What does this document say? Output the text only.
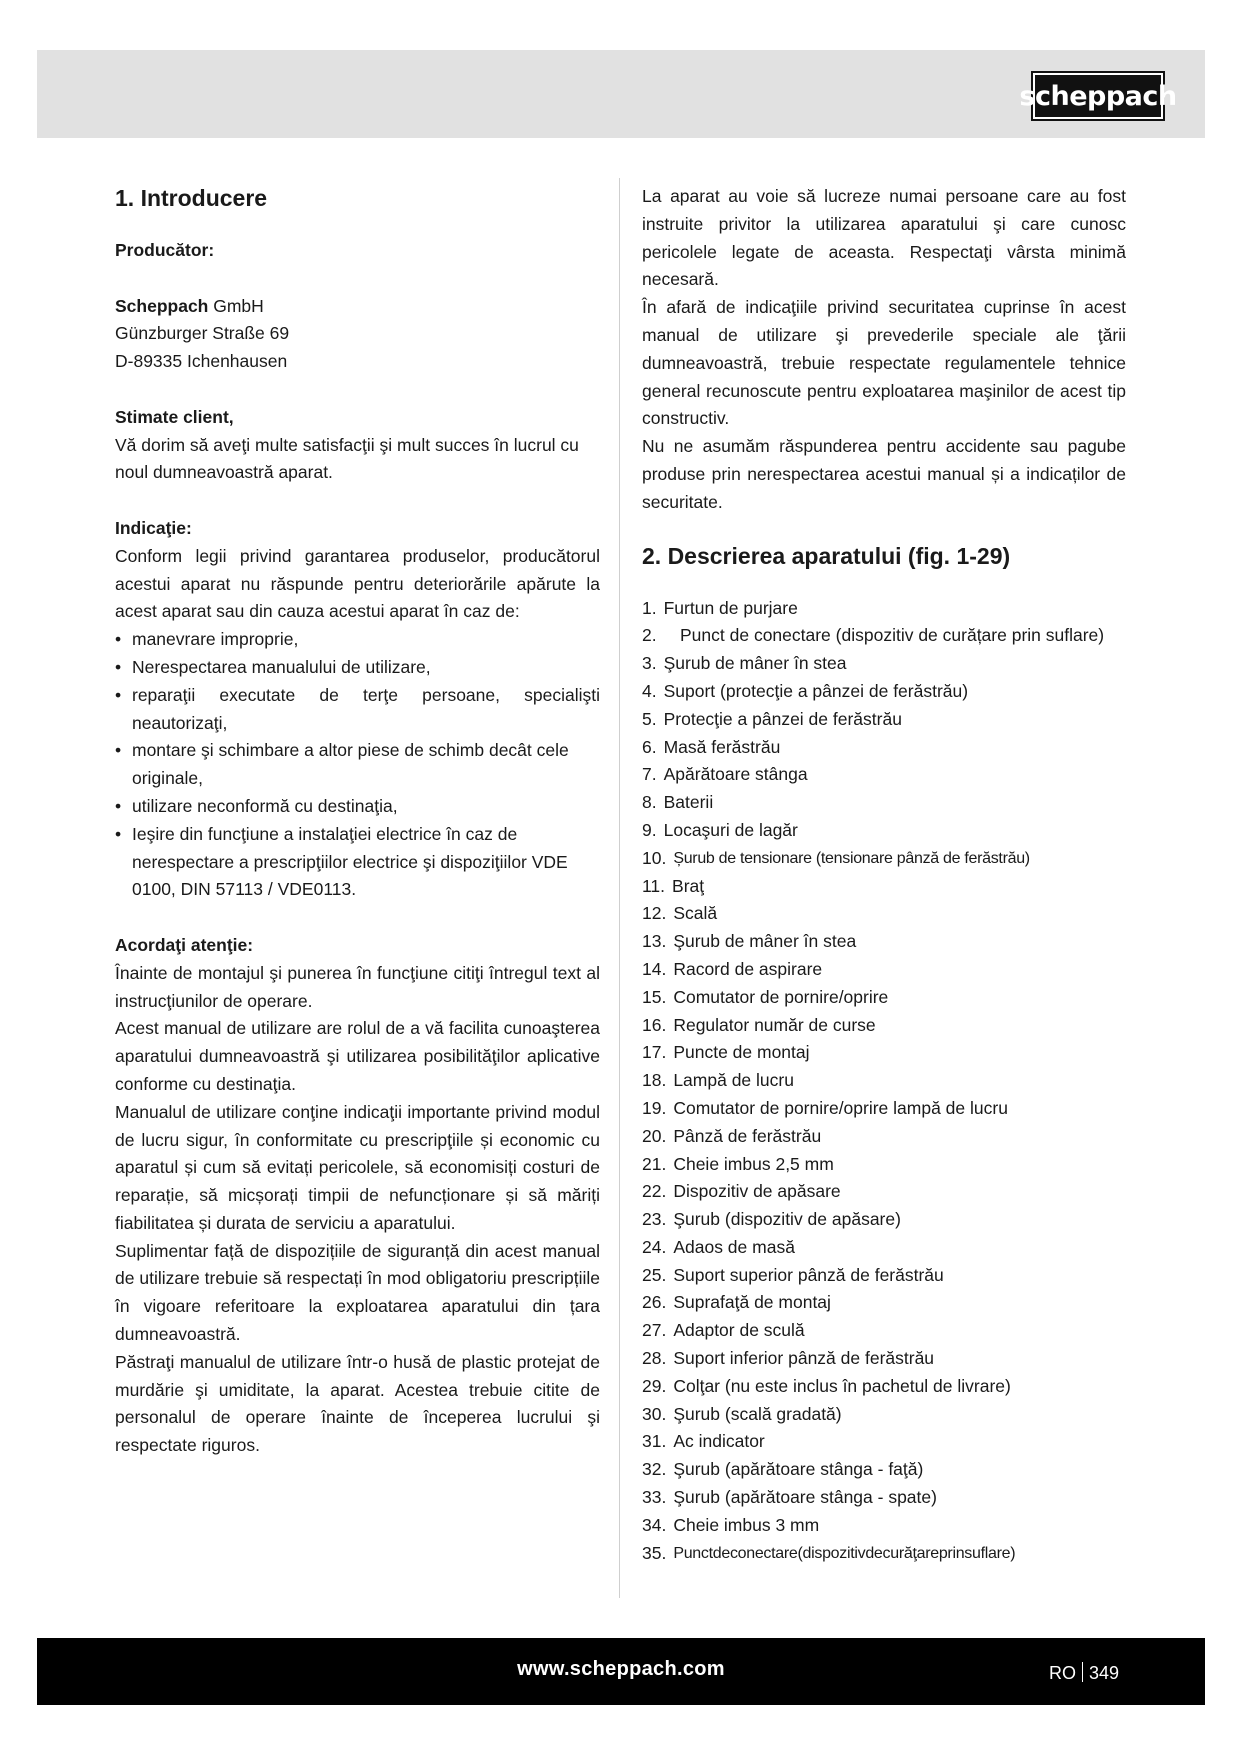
scheppach
1. Introducere

Producător:

Scheppach GmbH

Günzburger Straße 69

D-89335 Ichenhausen

Stimate client,

Vă dorim să aveţi multe satisfacţii şi mult succes în lucrul cu noul dumneavoastră aparat.

Indicaţie:

Conform legii privind garantarea produselor, producătorul acestui aparat nu răspunde pentru deteriorările apărute la acest aparat sau din cauza acestui aparat în caz de:

• manevrare improprie,
• Nerespectarea manualului de utilizare,
• reparaţii executate de terţe persoane, specialişti neautorizaţi,
• montare şi schimbare a altor piese de schimb decât cele originale,
• utilizare neconformă cu destinaţia,
• Ieşire din funcţiune a instalaţiei electrice în caz de nerespectare a prescripţiilor electrice şi dispoziţiilor VDE 0100, DIN 57113 / VDE0113.

Acordaţi atenţie:

Înainte de montajul şi punerea în funcţiune citiţi întregul text al instrucţiunilor de operare.

Acest manual de utilizare are rolul de a vă facilita cunoaşterea aparatului dumneavoastră şi utilizarea posibilităţilor aplicative conforme cu destinaţia.

Manualul de utilizare conţine indicaţii importante privind modul de lucru sigur, în conformitate cu prescripţiile și economic cu aparatul și cum să evitați pericolele, să economisiți costuri de reparație, să micșorați timpii de nefuncționare și să măriți fiabilitatea și durata de serviciu a aparatului.

Suplimentar față de dispozițiile de siguranță din acest manual de utilizare trebuie să respectați în mod obligatoriu prescripțiile în vigoare referitoare la exploatarea aparatului din țara dumneavoastră.

Păstraţi manualul de utilizare într-o husă de plastic protejat de murdărie şi umiditate, la aparat. Acestea trebuie citite de personalul de operare înainte de începerea lucrului şi respectate riguros.

La aparat au voie să lucreze numai persoane care au fost instruite privitor la utilizarea aparatului şi care cunosc pericolele legate de aceasta. Respectaţi vârsta minimă necesară.

În afară de indicaţiile privind securitatea cuprinse în acest manual de utilizare şi prevederile speciale ale ţării dumneavoastră, trebuie respectate regulamentele tehnice general recunoscute pentru exploatarea maşinilor de acest tip constructiv.

Nu ne asumăm răspunderea pentru accidente sau pagube produse prin nerespectarea acestui manual și a indicaților de securitate.

2. Descrierea aparatului (fig. 1-29)
1. Furtun de purjare
2.	Punct de conectare (dispozitiv de curățare prin suflare)
3. Şurub de mâner în stea
4. Suport (protecţie a pânzei de ferăstrău)
5. Protecţie a pânzei de ferăstrău
6. Masă ferăstrău
7. Apărătoare stânga
8. Baterii
9. Locaşuri de lagăr
10. Șurub de tensionare (tensionare pânză de ferăstrău)
11. Braţ
12. Scală
13. Şurub de mâner în stea
14. Racord de aspirare
15. Comutator de pornire/oprire
16. Regulator număr de curse
17. Puncte de montaj
18. Lampă de lucru
19. Comutator de pornire/oprire lampă de lucru
20. Pânză de ferăstrău
21. Cheie imbus 2,5 mm
22. Dispozitiv de apăsare
23. Şurub (dispozitiv de apăsare)
24. Adaos de masă
25. Suport superior pânză de ferăstrău
26. Suprafaţă de montaj
27. Adaptor de sculă
28. Suport inferior pânză de ferăstrău
29. Colţar (nu este inclus în pachetul de livrare)
30. Şurub (scală gradată)
31. Ac indicator
32. Şurub (apărătoare stânga - faţă)
33. Şurub (apărătoare stânga - spate)
34. Cheie imbus 3 mm
35. Punctdeconectare(dispozitivdecurăţareprinsuflare)
www.scheppach.com	RO 349
